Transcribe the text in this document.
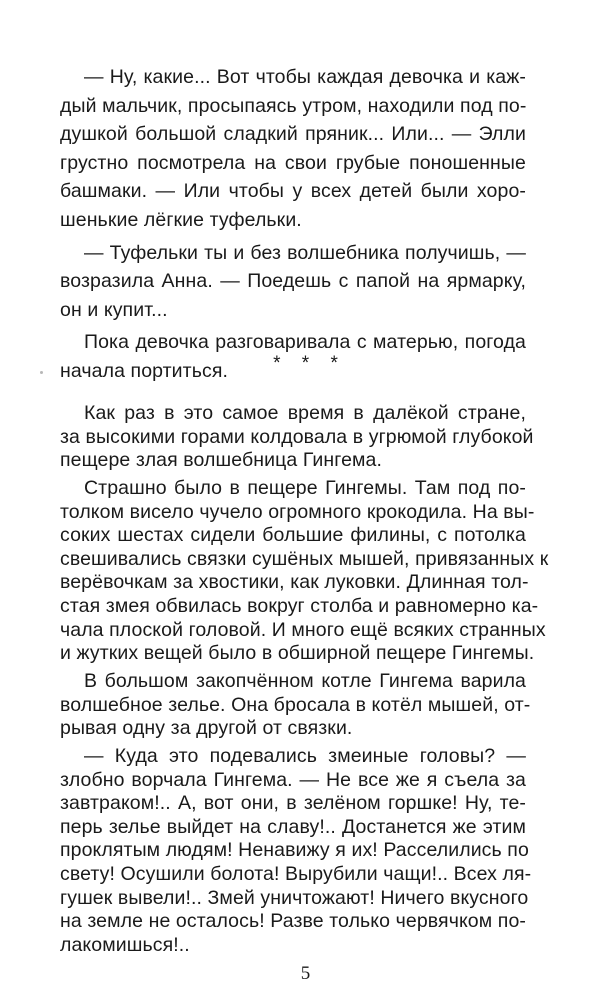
— Ну, какие... Вот чтобы каждая девочка и каж-
дый мальчик, просыпаясь утром, находили под по-
душкой большой сладкий пряник... Или... — Элли
грустно посмотрела на свои грубые поношенные
башмаки. — Или чтобы у всех детей были хоро-
шенькие лёгкие туфельки.
— Туфельки ты и без волшебника получишь, —
возразила Анна. — Поедешь с папой на ярмарку,
он и купит...
Пока девочка разговаривала с матерью, погода
начала портиться.	* * *
Как раз в это самое время в далёкой стране,
за высокими горами колдовала в угрюмой глубокой
пещере злая волшебница Гингема.
Страшно было в пещере Гингемы. Там под по-
толком висело чучело огромного крокодила. На вы-
соких шестах сидели большие филины, с потолка
свешивались связки сушёных мышей, привязанных к
верёвочкам за хвостики, как луковки. Длинная тол-
стая змея обвилась вокруг столба и равномерно ка-
чала плоской головой. И много ещё всяких странных
и жутких вещей было в обширной пещере Гингемы.
В большом закопчённом котле Гингема варила
волшебное зелье. Она бросала в котёл мышей, от-
рывая одну за другой от связки.
— Куда это подевались змеиные головы? —
злобно ворчала Гингема. — Не все же я съела за
завтраком!.. А, вот они, в зелёном горшке! Ну, те-
перь зелье выйдет на славу!.. Достанется же этим
проклятым людям! Ненавижу я их! Расселились по
свету! Осушили болота! Вырубили чащи!.. Всех ля-
гушек вывели!.. Змей уничтожают! Ничего вкусного
на земле не осталось! Разве только червячком по-
лакомишься!..
5
